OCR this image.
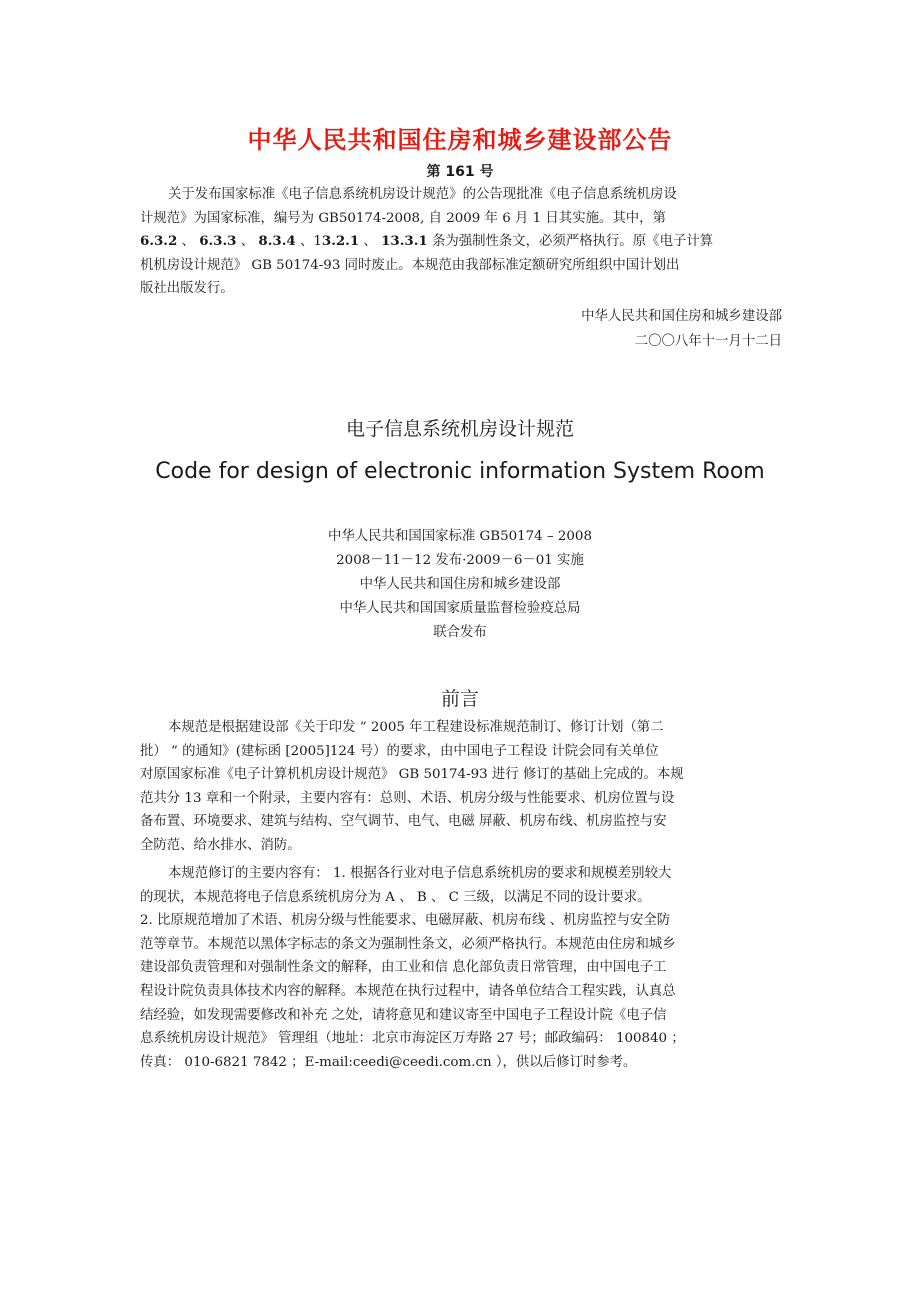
中华人民共和国住房和城乡建设部公告
第 161 号
关于发布国家标准《电子信息系统机房设计规范》的公告现批准《电子信息系统机房设
计规范》为国家标准，编号为 GB50174-2008, 自 2009 年 6 月 1 日其实施。其中，第
6.3.2 、 6.3.3 、 8.3.4 、13.2.1 、 13.3.1 条为强制性条文，必须严格执行。原《电子计算
机机房设计规范》 GB 50174-93 同时废止。本规范由我部标准定额研究所组织中国计划出
版社出版发行。
中华人民共和国住房和城乡建设部
二〇〇八年十一月十二日
电子信息系统机房设计规范
Code for design of electronic information System Room
中华人民共和国国家标准 GB50174 – 2008
2008－11－12 发布·2009－6－01 实施
中华人民共和国住房和城乡建设部
中华人民共和国国家质量监督检验疫总局
联合发布
前言
本规范是根据建设部《关于印发 “ 2005 年工程建设标准规范制订、修订计划（第二
批） ” 的通知》(建标函 [2005]124 号）的要求，由中国电子工程设 计院会同有关单位
对原国家标准《电子计算机机房设计规范》 GB 50174-93 进行 修订的基础上完成的。本规
范共分 13 章和一个附录，主要内容有：总则、术语、机房分级与性能要求、机房位置与设
备布置、环境要求、建筑与结构、空气调节、电气、电磁 屏蔽、机房布线、机房监控与安
全防范、给水排水、消防。
本规范修订的主要内容有： 1. 根据各行业对电子信息系统机房的要求和规模差别较大
的现状，本规范将电子信息系统机房分为 A 、 B 、 C 三级，以满足不同的设计要求。
2. 比原规范增加了术语、机房分级与性能要求、电磁屏蔽、机房布线 、机房监控与安全防
范等章节。本规范以黑体字标志的条文为强制性条文，必须严格执行。本规范由住房和城乡
建设部负责管理和对强制性条文的解释，由工业和信 息化部负责日常管理，由中国电子工
程设计院负责具体技术内容的解释。本规范在执行过程中，请各单位结合工程实践，认真总
结经验，如发现需要修改和补充 之处，请将意见和建议寄至中国电子工程设计院《电子信
息系统机房设计规范》 管理组（地址：北京市海淀区万寿路 27 号；邮政编码： 100840 ；
传真： 010-6821 7842 ；E-mail:ceedi@ceedi.com.cn ），供以后修订时参考。
